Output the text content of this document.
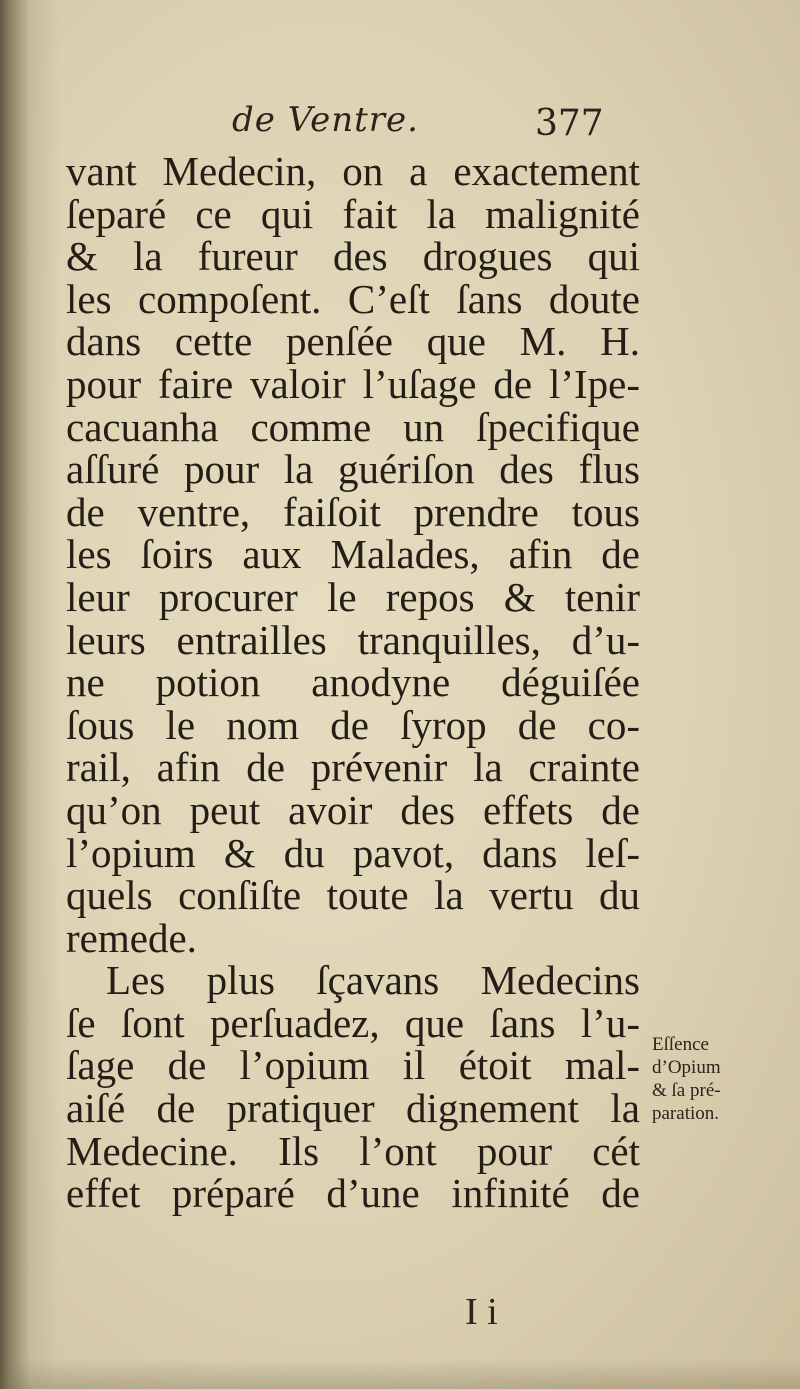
de Ventre.	377
vant Medecin, on a exactement
ſeparé ce qui fait la malignité
& la fureur des drogues qui
les compoſent. C’eſt ſans doute
dans cette penſée que M. H.
pour faire valoir l’uſage de l’Ipe-
cacuanha comme un ſpecifique
aſſuré pour la guériſon des flus
de ventre, faiſoit prendre tous
les ſoirs aux Malades, afin de
leur procurer le repos & tenir
leurs entrailles tranquilles, d’u-
ne potion anodyne déguiſée
ſous le nom de ſyrop de co-
rail, afin de prévenir la crainte
qu’on peut avoir des effets de
l’opium & du pavot, dans leſ-
quels conſiſte toute la vertu du
remede.
Les plus ſçavans Medecins
ſe ſont perſuadez, que ſans l’u-
ſage de l’opium il étoit mal-
aiſé de pratiquer dignement la
Medecine. Ils l’ont pour cét
effet préparé d’une infinité de
Eſſence
d’Opium
& ſa pré-
paration.
I i
